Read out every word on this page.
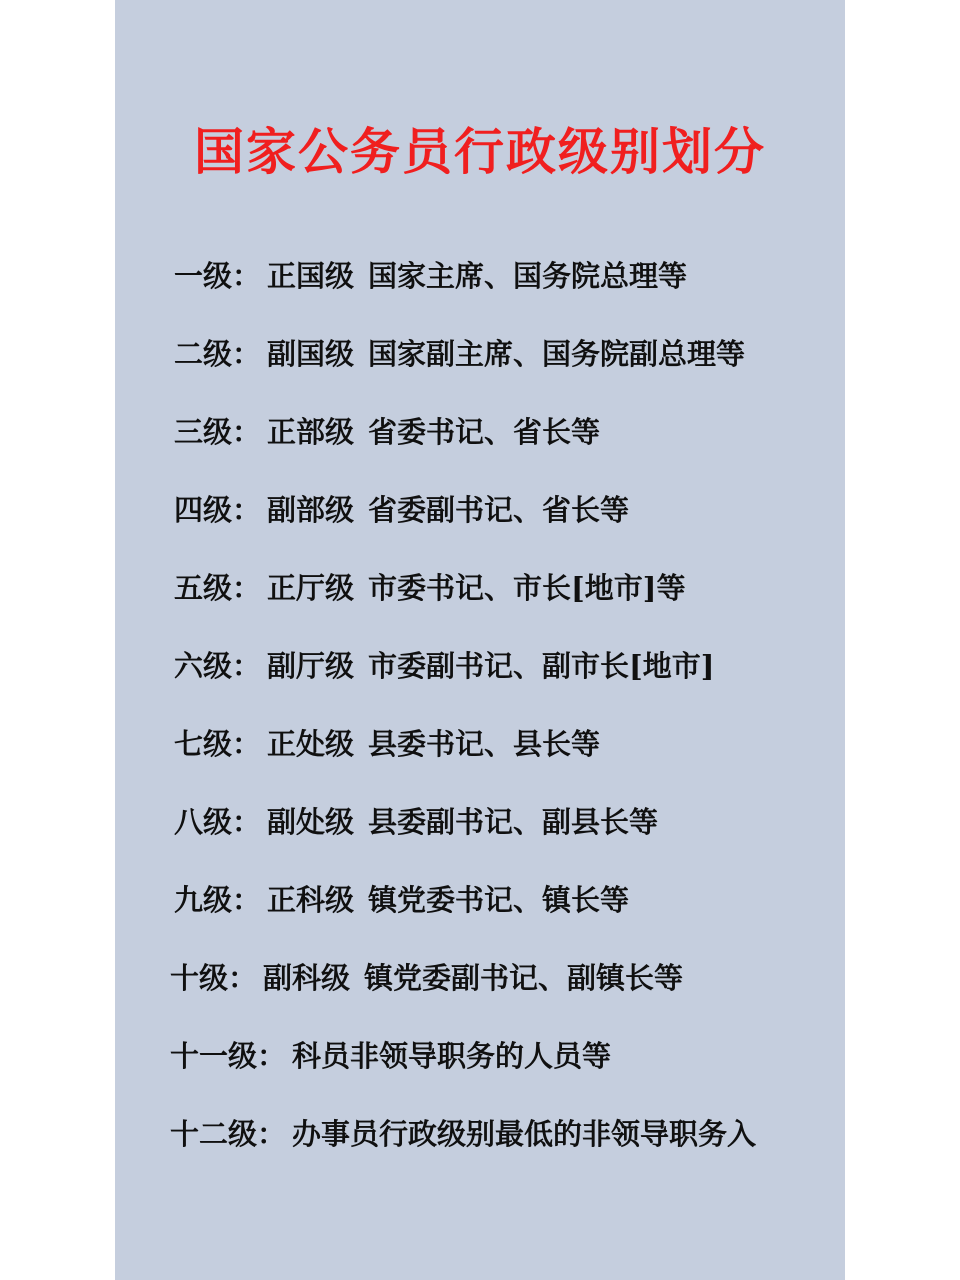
国家公务员行政级别划分
一级 ： 正国级 国家主席、国务院总理等
二级 ： 副国级 国家副主席、国务院副总理等
三级 ： 正部级 省委书记、省长等
四级 ： 副部级 省委副书记、省长等
五级 ： 正厅级 市委书记、市长[地市]等
六级 ： 副厅级 市委副书记、副市长[地市]
七级 ： 正处级 县委书记、县长等
八级 ： 副处级 县委副书记、副县长等
九级 ： 正科级 镇党委书记、镇长等
十级 ： 副科级 镇党委副书记、副镇长等
十一级 ： 科员非领导职务的人员等
十二级 ： 办事员行政级别最低的非领导职务入
